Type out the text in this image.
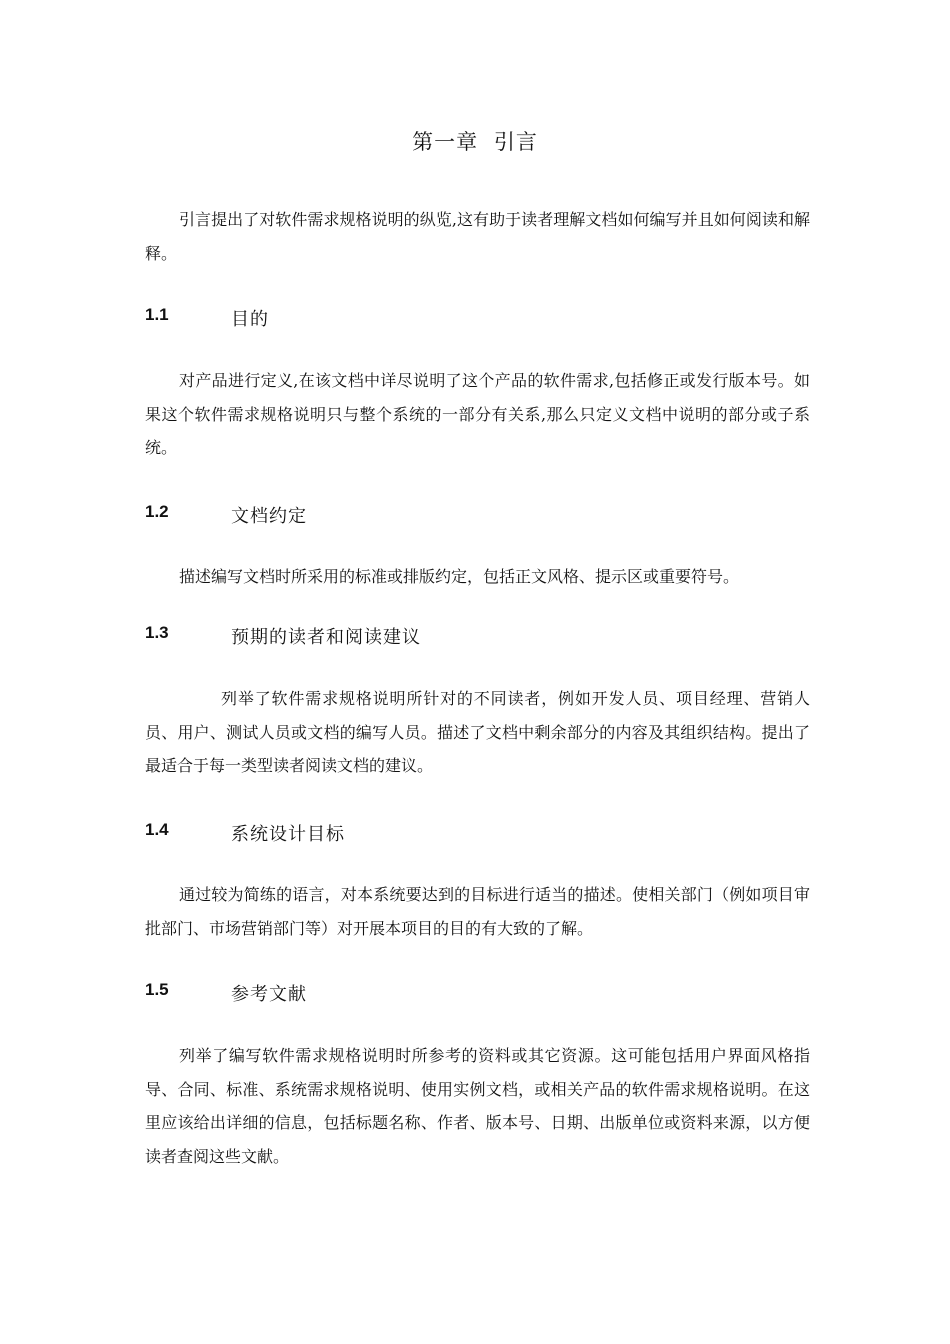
第一章 引言

引言提出了对软件需求规格说明的纵览,这有助于读者理解文档如何编写并且如何阅读和解释。

1.1	目的

对产品进行定义,在该文档中详尽说明了这个产品的软件需求,包括修正或发行版本号。如果这个软件需求规格说明只与整个系统的一部分有关系,那么只定义文档中说明的部分或子系统。

1.2	文档约定

描述编写文档时所采用的标准或排版约定，包括正文风格、提示区或重要符号。

1.3	预期的读者和阅读建议

列举了软件需求规格说明所针对的不同读者，例如开发人员、项目经理、营销人员、用户、测试人员或文档的编写人员。描述了文档中剩余部分的内容及其组织结构。提出了最适合于每一类型读者阅读文档的建议。

1.4	系统设计目标

通过较为简练的语言，对本系统要达到的目标进行适当的描述。使相关部门（例如项目审批部门、市场营销部门等）对开展本项目的目的有大致的了解。

1.5	参考文献

列举了编写软件需求规格说明时所参考的资料或其它资源。这可能包括用户界面风格指导、合同、标准、系统需求规格说明、使用实例文档，或相关产品的软件需求规格说明。在这里应该给出详细的信息，包括标题名称、作者、版本号、日期、出版单位或资料来源，以方便读者查阅这些文献。
